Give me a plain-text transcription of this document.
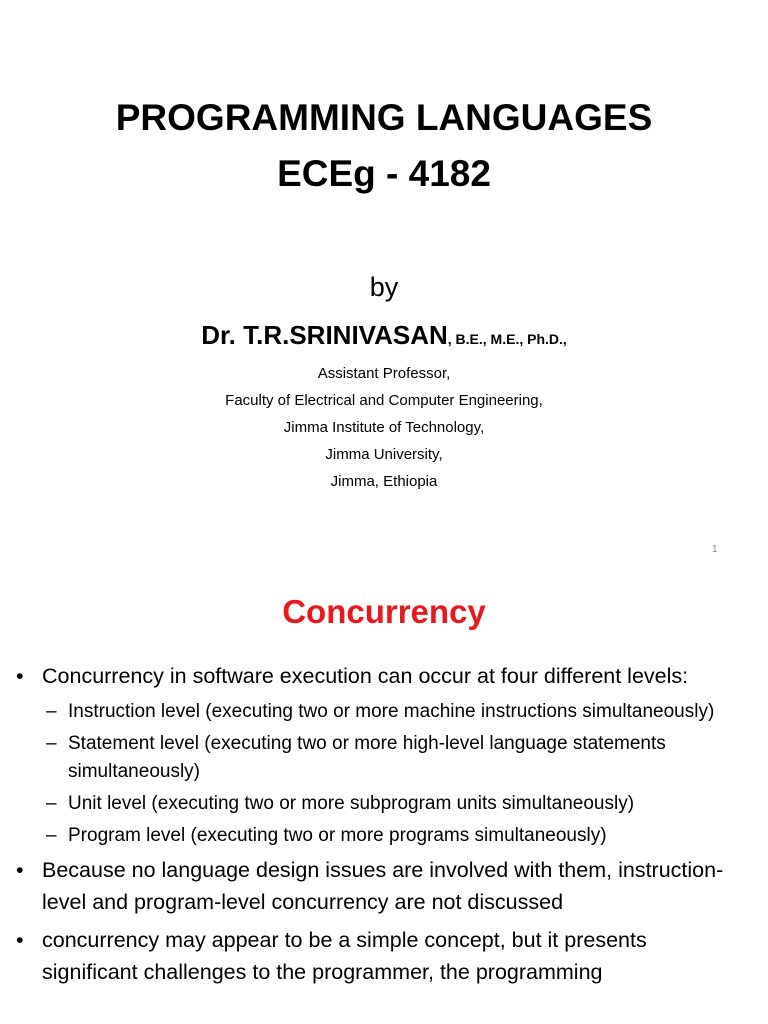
PROGRAMMING LANGUAGES
ECEg - 4182
by
Dr. T.R.SRINIVASAN, B.E., M.E., Ph.D.,
Assistant Professor,
Faculty of Electrical and Computer Engineering,
Jimma Institute of Technology,
Jimma University,
Jimma, Ethiopia
1
Concurrency
• Concurrency in software execution can occur at four different levels:
– Instruction level (executing two or more machine instructions simultaneously)
– Statement level (executing two or more high-level language statements simultaneously)
– Unit level (executing two or more subprogram units simultaneously)
– Program level (executing two or more programs simultaneously)
• Because no language design issues are involved with them, instruction-level and program-level concurrency are not discussed
• concurrency may appear to be a simple concept, but it presents significant challenges to the programmer, the programming
